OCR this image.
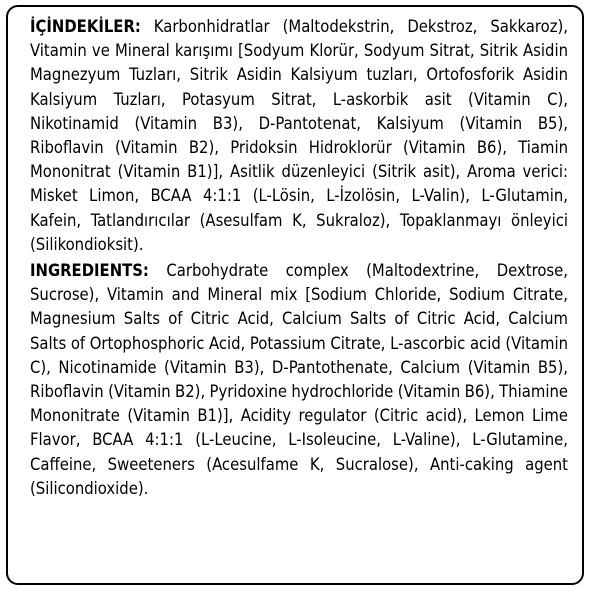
İÇİNDEKİLER: Karbonhidratlar (Maltodekstrin, Dekstroz, Sakkaroz), Vitamin ve Mineral karışımı [Sodyum Klorür, Sodyum Sitrat, Sitrik Asidin Magnezyum Tuzları, Sitrik Asidin Kalsiyum tuzları, Ortofosforik Asidin Kalsiyum Tuzları, Potasyum Sitrat, L-askorbik asit (Vitamin C), Nikotinamid (Vitamin B3), D-Pantotenat, Kalsiyum (Vitamin B5), Riboflavin (Vitamin B2), Pridoksin Hidroklorür (Vitamin B6), Tiamin Mononitrat (Vitamin B1)], Asitlik düzenleyici (Sitrik asit), Aroma verici: Misket Limon, BCAA 4:1:1 (L-Lösin, L-İzolösin, L-Valin), L-Glutamin, Kafein, Tatlandırıcılar (Asesulfam K, Sukraloz), Topaklanmayı önleyici (Silikondioksit).

INGREDIENTS: Carbohydrate complex (Maltodextrine, Dextrose, Sucrose), Vitamin and Mineral mix [Sodium Chloride, Sodium Citrate, Magnesium Salts of Citric Acid, Calcium Salts of Citric Acid, Calcium Salts of Ortophosphoric Acid, Potassium Citrate, L-ascorbic acid (Vitamin C), Nicotinamide (Vitamin B3), D-Pantothenate, Calcium (Vitamin B5), Riboflavin (Vitamin B2), Pyridoxine hydrochloride (Vitamin B6), Thiamine Mononitrate (Vitamin B1)], Acidity regulator (Citric acid), Lemon Lime Flavor, BCAA 4:1:1 (L-Leucine, L-Isoleucine, L-Valine), L-Glutamine, Caffeine, Sweeteners (Acesulfame K, Sucralose), Anti-caking agent (Silicondioxide).
